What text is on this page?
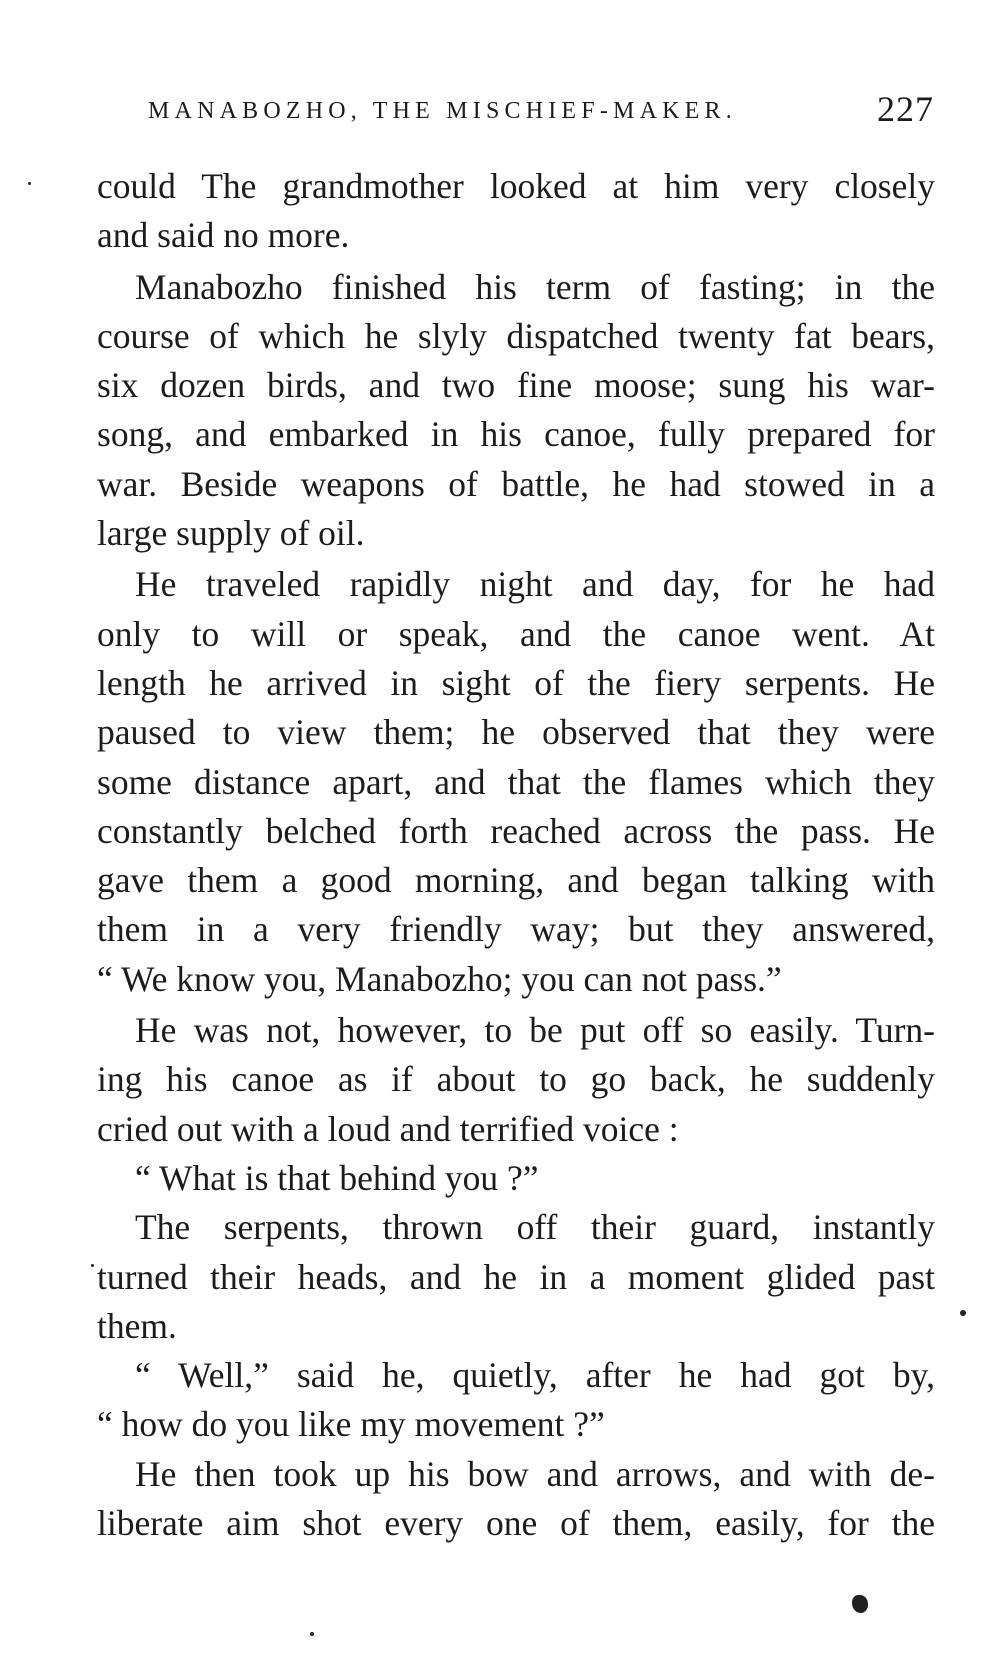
MANABOZHO, THE MISCHIEF-MAKER.	227

could The grandmother looked at him very closely
and said no more.

Manabozho finished his term of fasting; in the
course of which he slyly dispatched twenty fat bears,
six dozen birds, and two fine moose; sung his war-
song, and embarked in his canoe, fully prepared for
war. Beside weapons of battle, he had stowed in a
large supply of oil.

He traveled rapidly night and day, for he had
only to will or speak, and the canoe went. At
length he arrived in sight of the fiery serpents. He
paused to view them; he observed that they were
some distance apart, and that the flames which they
constantly belched forth reached across the pass. He
gave them a good morning, and began talking with
them in a very friendly way; but they answered,
“ We know you, Manabozho; you can not pass.”

He was not, however, to be put off so easily. Turn-
ing his canoe as if about to go back, he suddenly
cried out with a loud and terrified voice :

“ What is that behind you ?”

The serpents, thrown off their guard, instantly
turned their heads, and he in a moment glided past
them.

“ Well,” said he, quietly, after he had got by,
“ how do you like my movement ?”

He then took up his bow and arrows, and with de-
liberate aim shot every one of them, easily, for the
